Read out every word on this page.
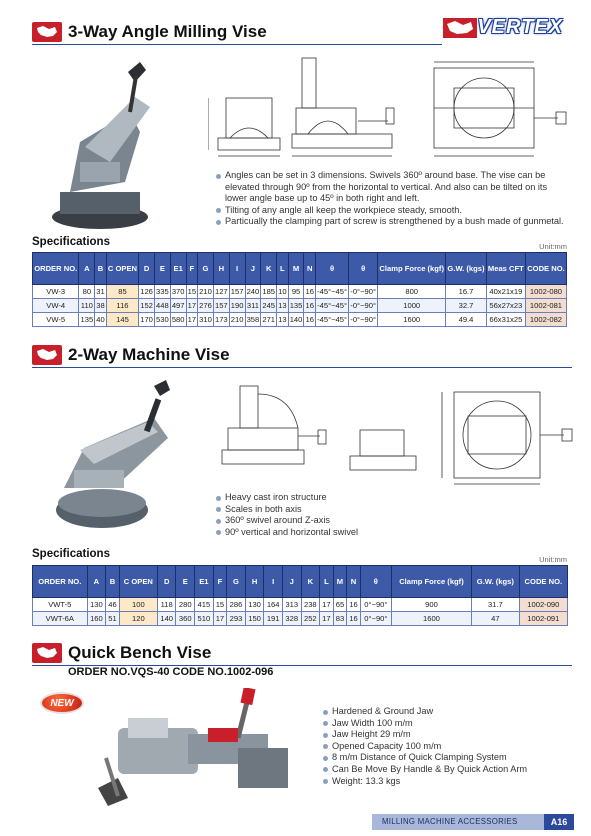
3-Way Angle Milling Vise	VERTEX
Angles can be set in 3 dimensions. Swivels 360º around base. The vise can be elevated through 90º from the horizontal to vertical. And also can be tilted on its lower angle base up to 45º in both right and left.
Tilting of any angle all keep the workpiece steady, smooth.
Particually the clamping part of screw is strengthened by a bush made of gunmetal.
Specifications	Unit:mm
ORDER NO.	A	B	C OPEN	D	E	E1	F	G	H	I	J	K	L	M	N	θ	θ	Clamp Force (kgf)	G.W. (kgs)	Meas CFT	CODE NO.
VW-3	80	31	85	126	335	370	15	210	127	157	240	185	10	95	16	-45°~45°	-0°~90°	800	16.7	40x21x19	1002-080
VW-4	110	38	116	152	448	497	17	276	157	190	311	245	13	135	16	-45°~45°	-0°~90°	1000	32.7	56x27x23	1002-081
VW-5	135	40	145	170	530	580	17	310	173	210	358	271	13	140	16	-45°~45°	-0°~90°	1600	49.4	66x31x25	1002-082
2-Way Machine Vise
Heavy cast iron structure
Scales in both axis
360º swivel around Z-axis
90º vertical and horizontal swivel
Specifications	Unit:mm
ORDER NO.	A	B	C OPEN	D	E	E1	F	G	H	I	J	K	L	M	N	θ	Clamp Force (kgf)	G.W. (kgs)	CODE NO.
VWT-5	130	46	100	118	280	415	15	286	130	164	313	238	17	65	16	0°~90°	900	31.7	1002-090
VWT-6A	160	51	120	140	360	510	17	293	150	191	328	252	17	83	16	0°~90°	1600	47	1002-091
Quick Bench Vise
ORDER NO.VQS-40 CODE NO.1002-096
NEW
Hardened & Ground Jaw
Jaw Width 100 m/m
Jaw Height 29 m/m
Opened Capacity 100 m/m
8 m/m Distance of Quick Clamping System
Can Be Move By Handle & By Quick Action Arm
Weight: 13.3 kgs
MILLING MACHINE ACCESSORIES	A16
